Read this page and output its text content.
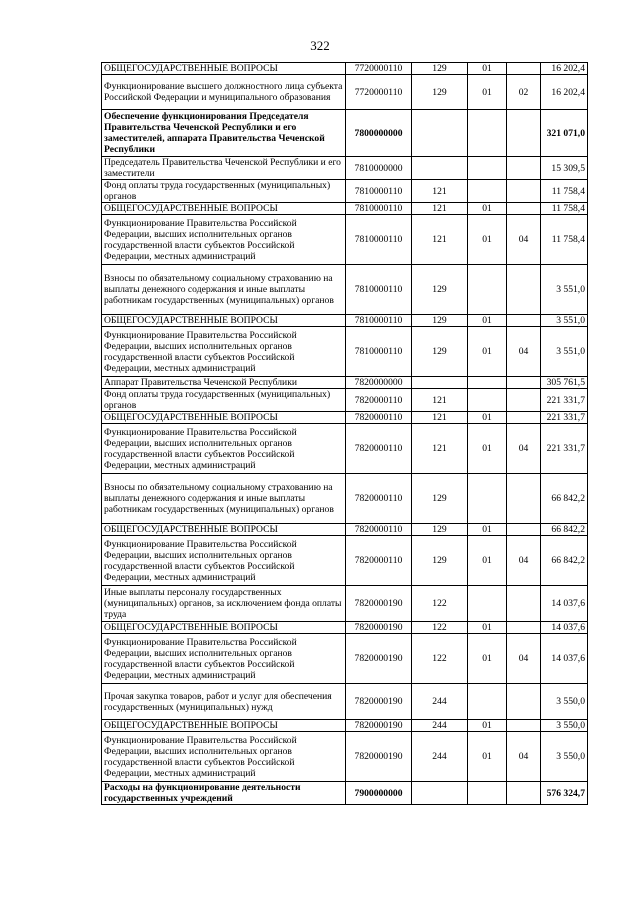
322
ОБЩЕГОСУДАРСТВЕННЫЕ ВОПРОСЫ	7720000110	129	01		16 202,4
Функционирование высшего должностного лица субъекта Российской Федерации и муниципального образования	7720000110	129	01	02	16 202,4
Обеспечение функционирования Председателя Правительства Чеченской Республики и его заместителей, аппарата Правительства Чеченской Республики	7800000000				321 071,0
Председатель Правительства Чеченской Республики и его заместители	7810000000				15 309,5
Фонд оплаты труда государственных (муниципальных) органов	7810000110	121			11 758,4
ОБЩЕГОСУДАРСТВЕННЫЕ ВОПРОСЫ	7810000110	121	01		11 758,4
Функционирование Правительства Российской Федерации, высших исполнительных органов государственной власти субъектов Российской Федерации, местных администраций	7810000110	121	01	04	11 758,4
Взносы по обязательному социальному страхованию на выплаты денежного содержания и иные выплаты работникам государственных (муниципальных) органов	7810000110	129			3 551,0
ОБЩЕГОСУДАРСТВЕННЫЕ ВОПРОСЫ	7810000110	129	01		3 551,0
Функционирование Правительства Российской Федерации, высших исполнительных органов государственной власти субъектов Российской Федерации, местных администраций	7810000110	129	01	04	3 551,0
Аппарат Правительства Чеченской Республики	7820000000				305 761,5
Фонд оплаты труда государственных (муниципальных) органов	7820000110	121			221 331,7
ОБЩЕГОСУДАРСТВЕННЫЕ ВОПРОСЫ	7820000110	121	01		221 331,7
Функционирование Правительства Российской Федерации, высших исполнительных органов государственной власти субъектов Российской Федерации, местных администраций	7820000110	121	01	04	221 331,7
Взносы по обязательному социальному страхованию на выплаты денежного содержания и иные выплаты работникам государственных (муниципальных) органов	7820000110	129			66 842,2
ОБЩЕГОСУДАРСТВЕННЫЕ ВОПРОСЫ	7820000110	129	01		66 842,2
Функционирование Правительства Российской Федерации, высших исполнительных органов государственной власти субъектов Российской Федерации, местных администраций	7820000110	129	01	04	66 842,2
Иные выплаты персоналу государственных (муниципальных) органов, за исключением фонда оплаты труда	7820000190	122			14 037,6
ОБЩЕГОСУДАРСТВЕННЫЕ ВОПРОСЫ	7820000190	122	01		14 037,6
Функционирование Правительства Российской Федерации, высших исполнительных органов государственной власти субъектов Российской Федерации, местных администраций	7820000190	122	01	04	14 037,6
Прочая закупка товаров, работ и услуг для обеспечения государственных (муниципальных) нужд	7820000190	244			3 550,0
ОБЩЕГОСУДАРСТВЕННЫЕ ВОПРОСЫ	7820000190	244	01		3 550,0
Функционирование Правительства Российской Федерации, высших исполнительных органов государственной власти субъектов Российской Федерации, местных администраций	7820000190	244	01	04	3 550,0
Расходы на функционирование деятельности государственных учреждений	7900000000				576 324,7
